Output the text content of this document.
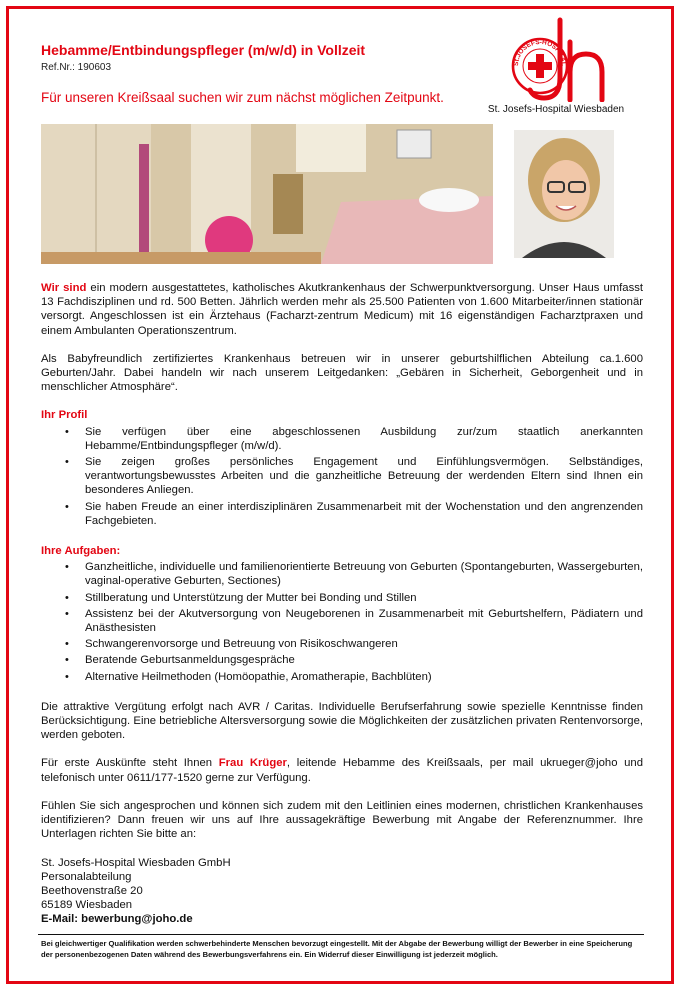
Hebamme/Entbindungspfleger (m/w/d) in Vollzeit
Ref.Nr.: 190603
Für unseren Kreißsaal suchen wir zum nächst möglichen Zeitpunkt.
St.JOSEFS-HOSPITAL
St. Josefs-Hospital Wiesbaden

Wir sind ein modern ausgestattetes, katholisches Akutkrankenhaus der Schwerpunktversorgung. Unser Haus umfasst 13 Fachdisziplinen und rd. 500 Betten. Jährlich werden mehr als 25.500 Patienten von 1.600 Mitarbeiter/innen stationär versorgt. Angeschlossen ist ein Ärztehaus (Facharzt-zentrum Medicum) mit 16 eigenständigen Facharztpraxen und einem Ambulanten Operationszentrum.

Als Babyfreundlich zertifiziertes Krankenhaus betreuen wir in unserer geburtshilflichen Abteilung ca.1.600 Geburten/Jahr. Dabei handeln wir nach unserem Leitgedanken: „Gebären in Sicherheit, Geborgenheit und in menschlicher Atmosphäre“.

Ihr Profil

• Sie verfügen über eine abgeschlossenen Ausbildung zur/zum staatlich anerkannten Hebamme/Entbindungspfleger (m/w/d).
• Sie zeigen großes persönliches Engagement und Einfühlungsvermögen. Selbständiges, verantwortungsbewusstes Arbeiten und die ganzheitliche Betreuung der werdenden Eltern sind Ihnen ein besonderes Anliegen.
• Sie haben Freude an einer interdisziplinären Zusammenarbeit mit der Wochenstation und den angrenzenden Fachgebieten.

Ihre Aufgaben:

• Ganzheitliche, individuelle und familienorientierte Betreuung von Geburten (Spontangeburten, Wassergeburten, vaginal-operative Geburten, Sectiones)
• Stillberatung und Unterstützung der Mutter bei Bonding und Stillen
• Assistenz bei der Akutversorgung von Neugeborenen in Zusammenarbeit mit Geburtshelfern, Pädiatern und Anästhesisten
• Schwangerenvorsorge und Betreuung von Risikoschwangeren
• Beratende Geburtsanmeldungsgespräche
• Alternative Heilmethoden (Homöopathie, Aromatherapie, Bachblüten)

Die attraktive Vergütung erfolgt nach AVR / Caritas. Individuelle Berufserfahrung sowie spezielle Kenntnisse finden Berücksichtigung. Eine betriebliche Altersversorgung sowie die Möglichkeiten der zusätzlichen privaten Rentenvorsorge, werden geboten.

Für erste Auskünfte steht Ihnen Frau Krüger, leitende Hebamme des Kreißsaals, per mail ukrueger@joho und telefonisch unter 0611/177-1520 gerne zur Verfügung.

Fühlen Sie sich angesprochen und können sich zudem mit den Leitlinien eines modernen, christlichen Krankenhauses identifizieren? Dann freuen wir uns auf Ihre aussagekräftige Bewerbung mit Angabe der Referenznummer. Ihre Unterlagen richten Sie bitte an:

St. Josefs-Hospital Wiesbaden GmbH

Personalabteilung

Beethovenstraße 20

65189 Wiesbaden

E-Mail: bewerbung@joho.de

Bei gleichwertiger Qualifikation werden schwerbehinderte Menschen bevorzugt eingestellt. Mit der Abgabe der Bewerbung willigt der Bewerber in eine Speicherung der personenbezogenen Daten während des Bewerbungsverfahrens ein. Ein Widerruf dieser Einwilligung ist jederzeit möglich.
